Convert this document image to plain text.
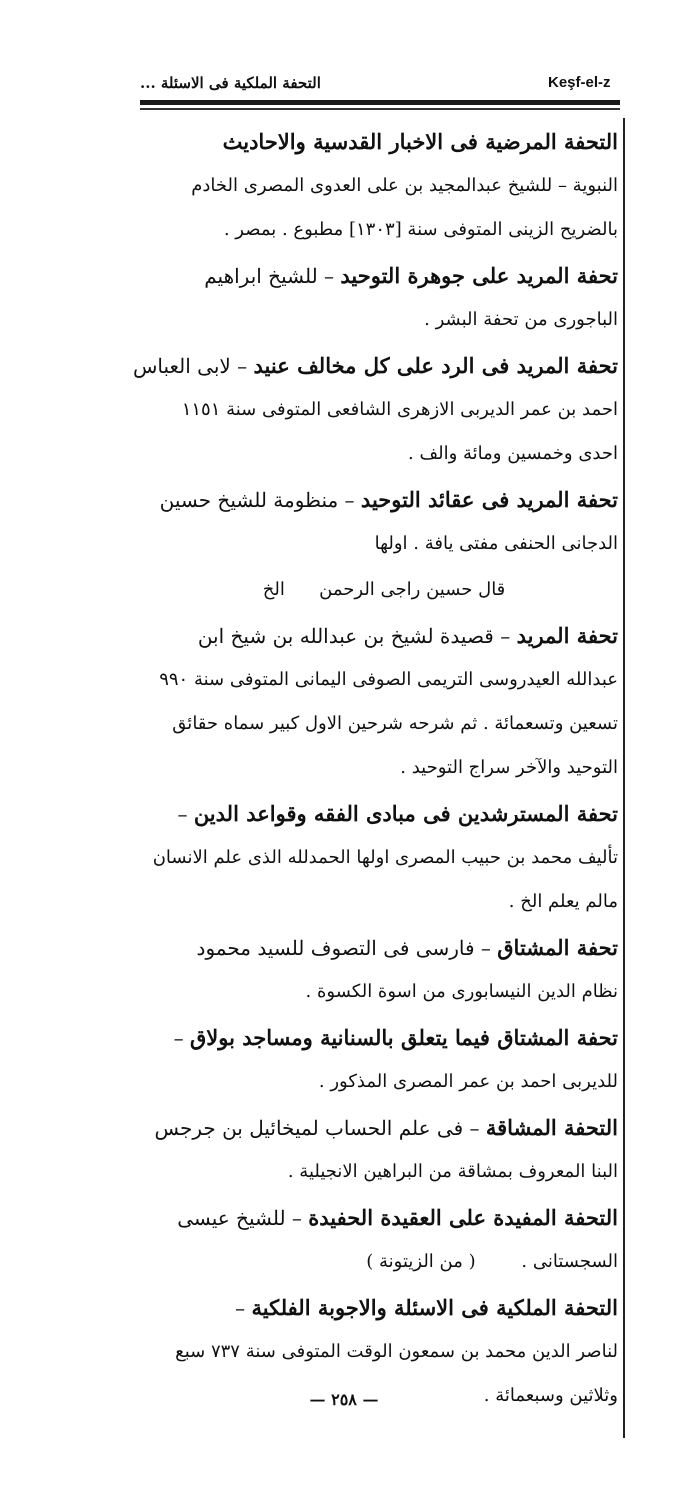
التحفة الملكية فى الاسئلة ...	Keşf-el-z
التحفة المرضية فى الاخبار القدسية والاحاديث
النبوية – للشيخ عبدالمجيد بن على العدوى المصرى الخادم
بالضريح الزينى المتوفى سنة [١٣٠٣] مطبوع . بمصر .
تحفة المريد على جوهرة التوحيد – للشيخ ابراهيم
الباجورى من تحفة البشر .
تحفة المريد فى الرد على كل مخالف عنيد – لابى العباس
احمد بن عمر الديربى الازهرى الشافعى المتوفى سنة ١١٥١
احدى وخمسين ومائة والف .
تحفة المريد فى عقائد التوحيد – منظومة للشيخ حسين
الدجانى الحنفى مفتى يافة . اولها
قال حسين راجى الرحمن      الخ
تحفة المريد – قصيدة لشيخ بن عبدالله بن شيخ ابن
عبدالله العيدروسى التريمى الصوفى اليمانى المتوفى سنة ٩٩٠
تسعين وتسعمائة . ثم شرحه شرحين الاول كبير سماه حقائق
التوحيد والآخر سراج التوحيد .
تحفة المسترشدين فى مبادى الفقه وقواعد الدين –
تأليف محمد بن حبيب المصرى اولها الحمدلله الذى علم الانسان
مالم يعلم الخ .
تحفة المشتاق – فارسى فى التصوف للسيد محمود
نظام الدين النيسابورى من اسوة الكسوة .
تحفة المشتاق فيما يتعلق بالسنانية ومساجد بولاق –
للديربى احمد بن عمر المصرى المذكور .
التحفة المشاقة – فى علم الحساب لميخائيل بن جرجس
البنا المعروف بمشاقة من البراهين الانجيلية .
التحفة المفيدة على العقيدة الحفيدة – للشيخ عيسى
السجستانى .        ( من الزيتونة )
التحفة الملكية فى الاسئلة والاجوبة الفلكية –
لناصر الدين محمد بن سمعون الوقت المتوفى سنة ٧٣٧ سبع
وثلاثين وسبعمائة .
— ٢٥٨ —
